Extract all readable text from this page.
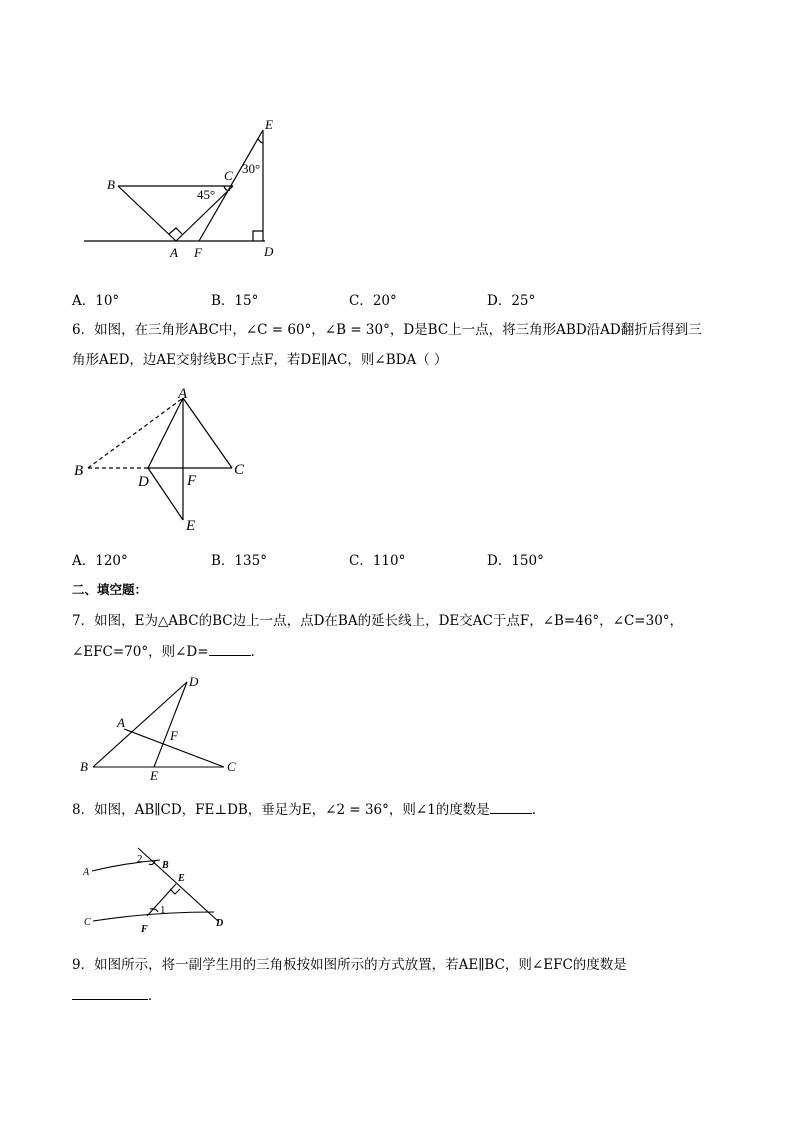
E
B
C 30°
45°
A F	D
A．10°	B．15°	C．20°	D．25°
6．如图，在三角形ABC中，∠C = 60°，∠B = 30°，D是BC上一点，将三角形ABD沿AD翻折后得到三
角形AED，边AE交射线BC于点F，若DE∥AC，则∠BDA（ ）
A
B	C
D	F
E
A．120°	B．135°	C．110°	D．150°
二、填空题：
7．如图，E为△ABC的BC边上一点，点D在BA的延长线上，DE交AC于点F，∠B=46°，∠C=30°，
∠EFC=70°，则∠D=	．
D
A
F
B
E
C
8．如图，AB∥CD，FE⊥DB，垂足为E，∠2 = 36°，则∠1的度数是	．
A
2
B
E
C
F
1
D
9．如图所示，将一副学生用的三角板按如图所示的方式放置，若AE∥BC，则∠EFC的度数是
．
